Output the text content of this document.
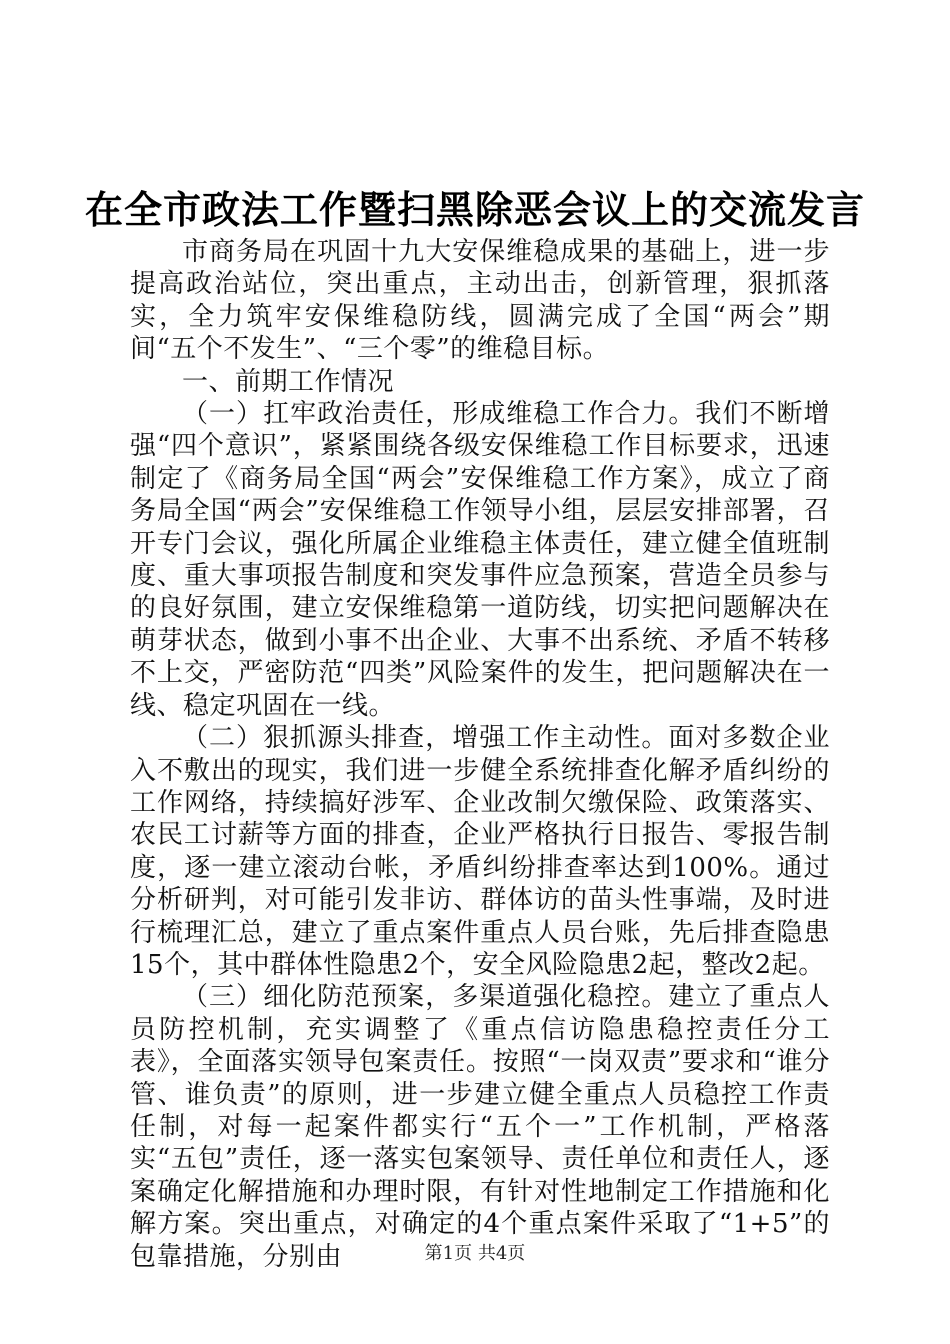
在全市政法工作暨扫黑除恶会议上的交流发言

市商务局在巩固十九大安保维稳成果的基础上，进一步提高政治站位，突出重点，主动出击，创新管理，狠抓落实，全力筑牢安保维稳防线，圆满完成了全国“两会”期间“五个不发生”、“三个零”的维稳目标。

一、前期工作情况

（一）扛牢政治责任，形成维稳工作合力。我们不断增强“四个意识”，紧紧围绕各级安保维稳工作目标要求，迅速制定了《商务局全国“两会”安保维稳工作方案》，成立了商务局全国“两会”安保维稳工作领导小组，层层安排部署，召开专门会议，强化所属企业维稳主体责任，建立健全值班制度、重大事项报告制度和突发事件应急预案，营造全员参与的良好氛围，建立安保维稳第一道防线，切实把问题解决在萌芽状态，做到小事不出企业、大事不出系统、矛盾不转移不上交，严密防范“四类”风险案件的发生，把问题解决在一线、稳定巩固在一线。

（二）狠抓源头排查，增强工作主动性。面对多数企业入不敷出的现实，我们进一步健全系统排查化解矛盾纠纷的工作网络，持续搞好涉军、企业改制欠缴保险、政策落实、农民工讨薪等方面的排查，企业严格执行日报告、零报告制度，逐一建立滚动台帐，矛盾纠纷排查率达到100%。通过分析研判，对可能引发非访、群体访的苗头性事端，及时进行梳理汇总，建立了重点案件重点人员台账，先后排查隐患15个，其中群体性隐患2个，安全风险隐患2起，整改2起。

（三）细化防范预案，多渠道强化稳控。建立了重点人员防控机制，充实调整了《重点信访隐患稳控责任分工表》，全面落实领导包案责任。按照“一岗双责”要求和“谁分管、谁负责”的原则，进一步建立健全重点人员稳控工作责任制，对每一起案件都实行“五个一”工作机制，严格落实“五包”责任，逐一落实包案领导、责任单位和责任人，逐案确定化解措施和办理时限，有针对性地制定工作措施和化解方案。突出重点，对确定的4个重点案件采取了“1+5”的包靠措施，分别由	第1页 共4页
